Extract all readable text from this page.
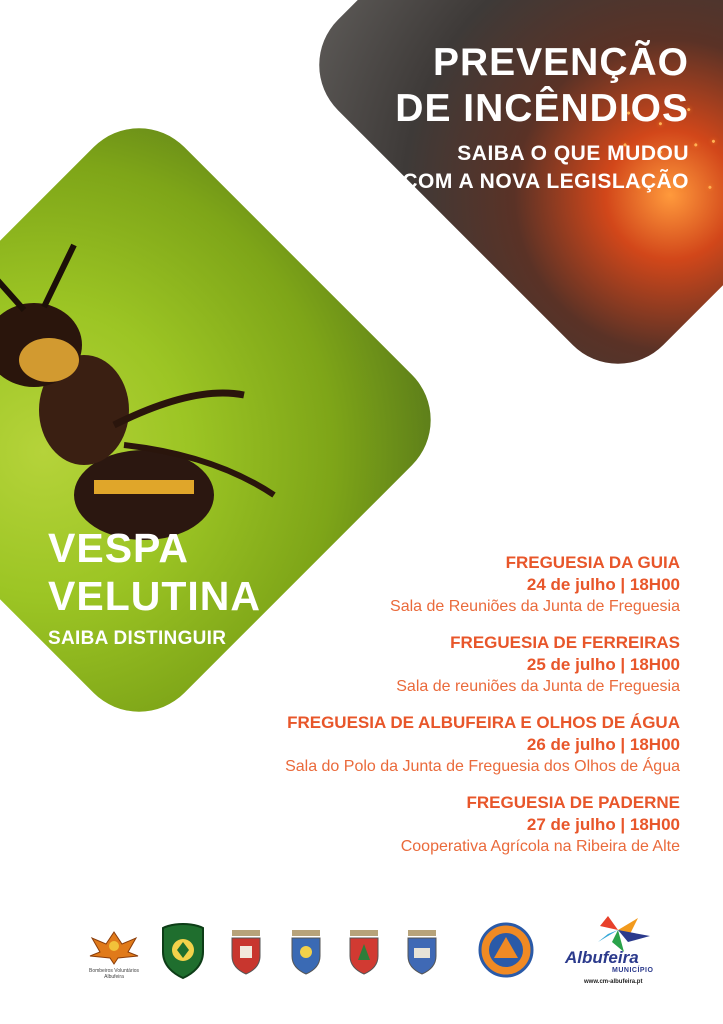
PREVENÇÃO
DE INCÊNDIOS
SAIBA O QUE MUDOU
COM A NOVA LEGISLAÇÃO
VESPA
VELUTINA
SAIBA DISTINGUIR
FREGUESIA DA GUIA
24 de julho | 18H00
Sala de Reuniões da Junta de Freguesia
FREGUESIA DE FERREIRAS
25 de julho | 18H00
Sala de reuniões da Junta de Freguesia
FREGUESIA DE ALBUFEIRA E OLHOS DE ÁGUA
26 de julho | 18H00
Sala do Polo da Junta de Freguesia dos Olhos de Água
FREGUESIA DE PADERNE
27 de julho | 18H00
Cooperativa Agrícola na Ribeira de Alte
Bombeiros Voluntários Albufeira
Albufeira
MUNICÍPIO
www.cm-albufeira.pt
